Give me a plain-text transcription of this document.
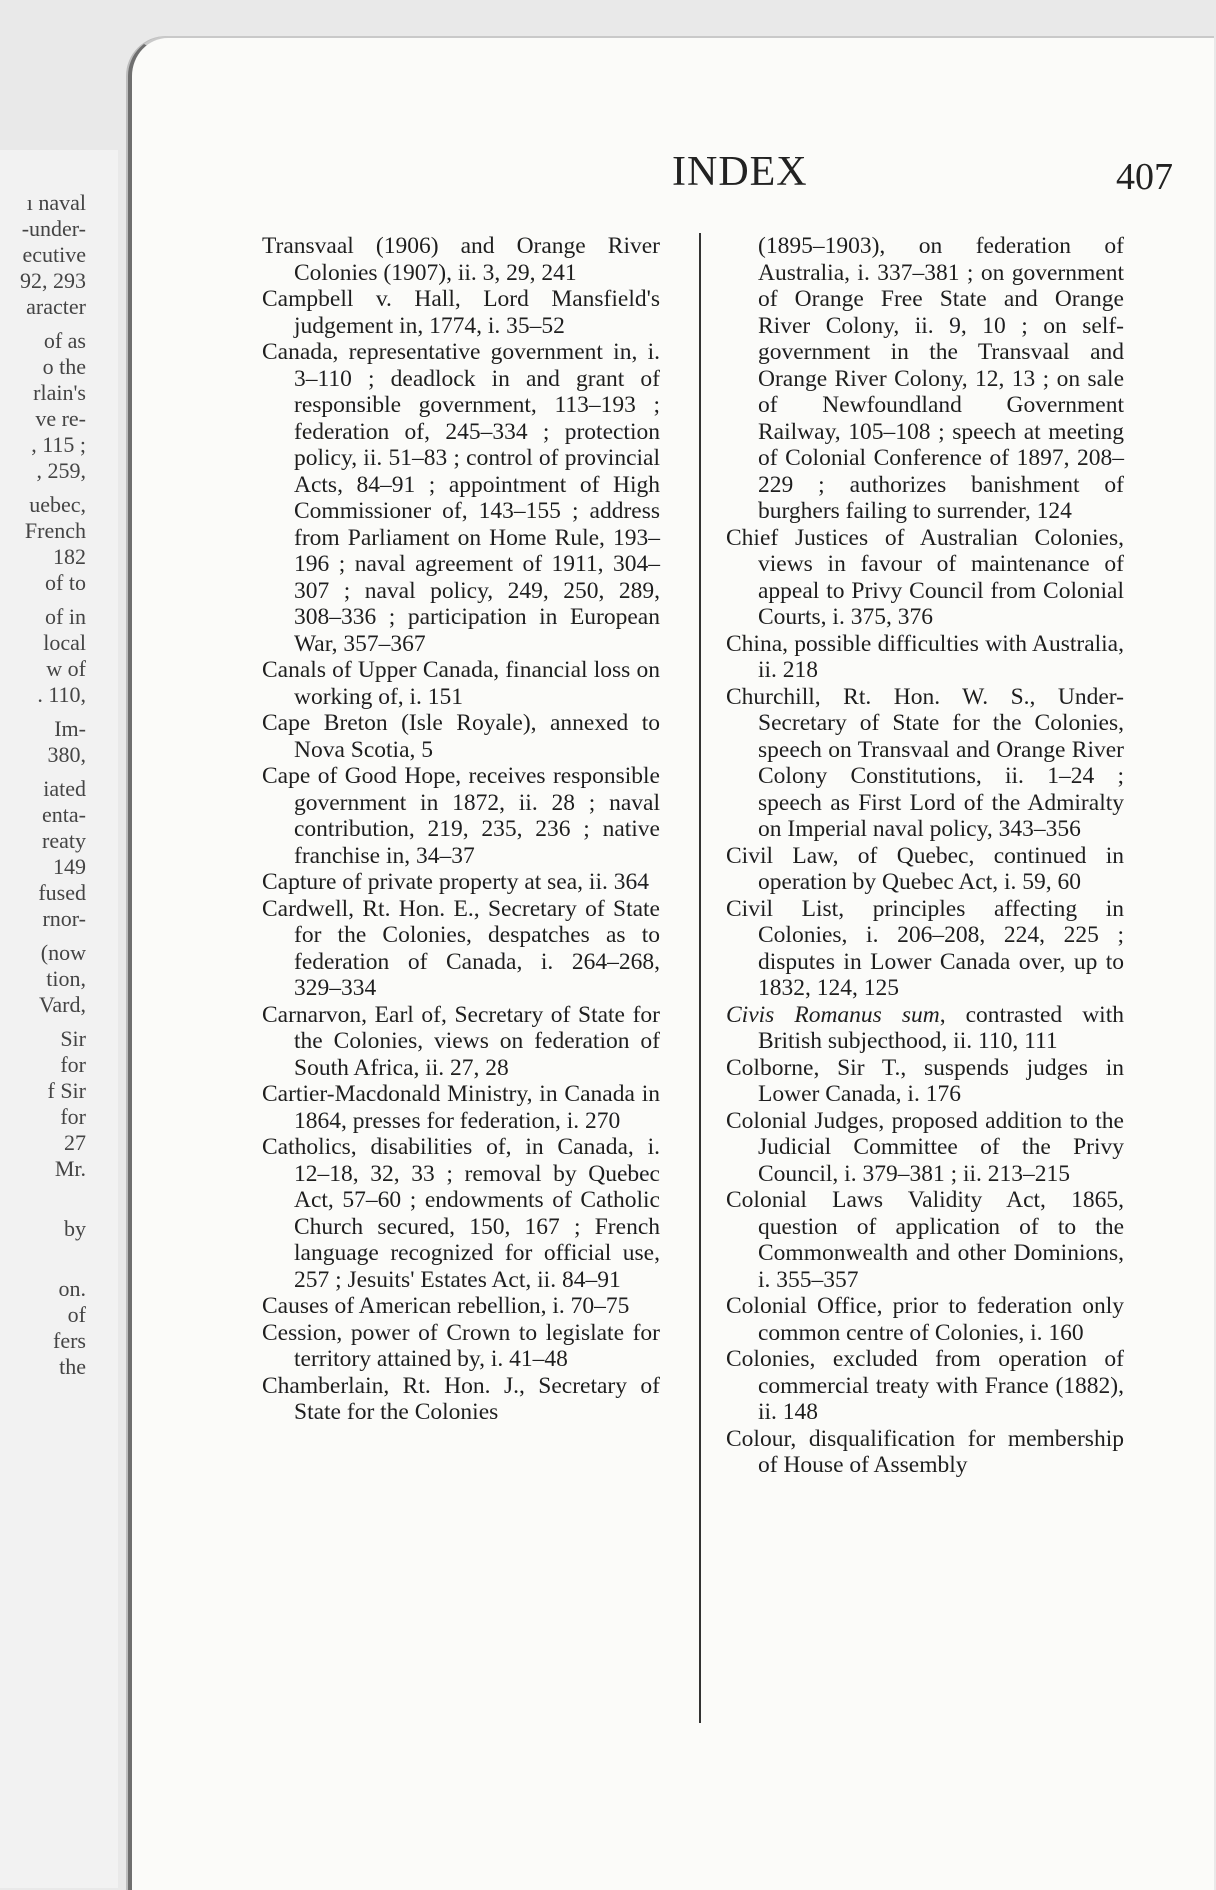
ı naval
-under-
ecutive
92, 293
aracter
of as
o the
rlain's
ve re-
, 115 ;
, 259,
uebec,
French
182
of to
of in
local
w of
. 110,
Im-
380,
iated
enta-
reaty
149
fused
rnor-
(now
tion,
Vard,
Sir
for
f Sir
for
27
Mr.
by
on.
of
fers
the
INDEX	407

Transvaal (1906) and Orange River Colonies (1907), ii. 3, 29, 241

Campbell v. Hall, Lord Mansfield's judgement in, 1774, i. 35–52

Canada, representative government in, i. 3–110 ; deadlock in and grant of responsible government, 113–193 ; federation of, 245–334 ; protection policy, ii. 51–83 ; control of provincial Acts, 84–91 ; appointment of High Commissioner of, 143–155 ; address from Parliament on Home Rule, 193–196 ; naval agreement of 1911, 304–307 ; naval policy, 249, 250, 289, 308–336 ; participation in European War, 357–367

Canals of Upper Canada, financial loss on working of, i. 151

Cape Breton (Isle Royale), annexed to Nova Scotia, 5

Cape of Good Hope, receives responsible government in 1872, ii. 28 ; naval contribution, 219, 235, 236 ; native franchise in, 34–37

Capture of private property at sea, ii. 364

Cardwell, Rt. Hon. E., Secretary of State for the Colonies, despatches as to federation of Canada, i. 264–268, 329–334

Carnarvon, Earl of, Secretary of State for the Colonies, views on federation of South Africa, ii. 27, 28

Cartier-Macdonald Ministry, in Canada in 1864, presses for federation, i. 270

Catholics, disabilities of, in Canada, i. 12–18, 32, 33 ; removal by Quebec Act, 57–60 ; endowments of Catholic Church secured, 150, 167 ; French language recognized for official use, 257 ; Jesuits' Estates Act, ii. 84–91

Causes of American rebellion, i. 70–75

Cession, power of Crown to legislate for territory attained by, i. 41–48

Chamberlain, Rt. Hon. J., Secretary of State for the Colonies

(1895–1903), on federation of Australia, i. 337–381 ; on government of Orange Free State and Orange River Colony, ii. 9, 10 ; on self-government in the Transvaal and Orange River Colony, 12, 13 ; on sale of Newfoundland Government Railway, 105–108 ; speech at meeting of Colonial Conference of 1897, 208–229 ; authorizes banishment of burghers failing to surrender, 124

Chief Justices of Australian Colonies, views in favour of maintenance of appeal to Privy Council from Colonial Courts, i. 375, 376

China, possible difficulties with Australia, ii. 218

Churchill, Rt. Hon. W. S., Under-Secretary of State for the Colonies, speech on Transvaal and Orange River Colony Constitutions, ii. 1–24 ; speech as First Lord of the Admiralty on Imperial naval policy, 343–356

Civil Law, of Quebec, continued in operation by Quebec Act, i. 59, 60

Civil List, principles affecting in Colonies, i. 206–208, 224, 225 ; disputes in Lower Canada over, up to 1832, 124, 125

Civis Romanus sum, contrasted with British subjecthood, ii. 110, 111

Colborne, Sir T., suspends judges in Lower Canada, i. 176

Colonial Judges, proposed addition to the Judicial Committee of the Privy Council, i. 379–381 ; ii. 213–215

Colonial Laws Validity Act, 1865, question of application of to the Commonwealth and other Dominions, i. 355–357

Colonial Office, prior to federation only common centre of Colonies, i. 160

Colonies, excluded from operation of commercial treaty with France (1882), ii. 148

Colour, disqualification for membership of House of Assembly
